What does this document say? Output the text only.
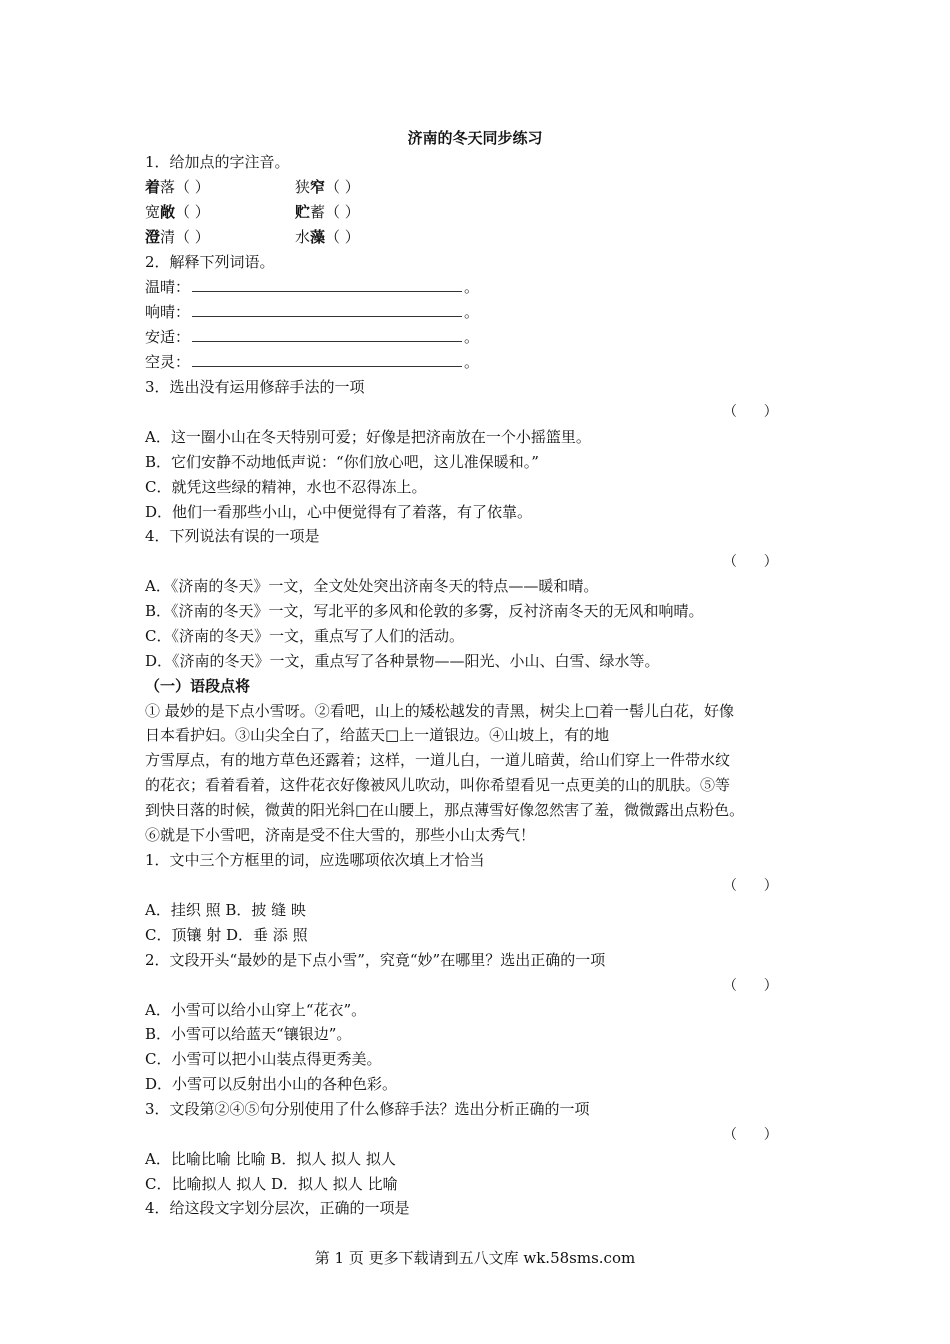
济南的冬天同步练习
1．给加点的字注音。
着落（ ）	狭窄（ ）
宽敞（ ）	贮蓄（ ）
澄清（ ）	水藻（ ）
2．解释下列词语。
温晴：	。
响晴：	。
安适：	。
空灵：	。
3．选出没有运用修辞手法的一项
（      ）
A．这一圈小山在冬天特别可爱；好像是把济南放在一个小摇篮里。
B．它们安静不动地低声说：“你们放心吧，这儿准保暖和。”
C．就凭这些绿的精神，水也不忍得冻上。
D．他们一看那些小山，心中便觉得有了着落，有了依靠。
4．下列说法有误的一项是
（      ）
A．《济南的冬天》一文，全文处处突出济南冬天的特点——暖和晴。
B．《济南的冬天》一文，写北平的多风和伦敦的多雾，反衬济南冬天的无风和响晴。
C．《济南的冬天》一文，重点写了人们的活动。
D．《济南的冬天》一文，重点写了各种景物——阳光、小山、白雪、绿水等。
（一）语段点将
① 最妙的是下点小雪呀。②看吧，山上的矮松越发的青黑，树尖上□着一髻儿白花，好像
日本看护妇。③山尖全白了，给蓝天□上一道银边。④山坡上，有的地
方雪厚点，有的地方草色还露着；这样，一道儿白，一道儿暗黄，给山们穿上一件带水纹
的花衣；看着看着，这件花衣好像被风儿吹动，叫你希望看见一点更美的山的肌肤。⑤等
到快日落的时候，微黄的阳光斜□在山腰上，那点薄雪好像忽然害了羞，微微露出点粉色。
⑥就是下小雪吧，济南是受不住大雪的，那些小山太秀气！
1．文中三个方框里的词，应选哪项依次填上才恰当
（      ）
A．挂织 照 B．披 缝 映
C．顶镶 射 D．垂 添 照
2．文段开头“最妙的是下点小雪”，究竟“妙”在哪里？选出正确的一项
（      ）
A．小雪可以给小山穿上“花衣”。
B．小雪可以给蓝天“镶银边”。
C．小雪可以把小山装点得更秀美。
D．小雪可以反射出小山的各种色彩。
3．文段第②④⑤句分别使用了什么修辞手法？选出分析正确的一项
（      ）
A．比喻比喻 比喻 B．拟人 拟人 拟人
C．比喻拟人 拟人 D．拟人 拟人 比喻
4．给这段文字划分层次，正确的一项是
第 1 页 更多下载请到五八文库 wk.58sms.com
